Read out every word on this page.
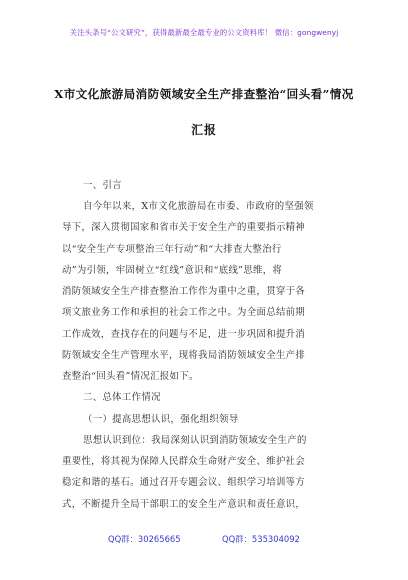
关注头条号“公文研究”，获得最新最全最专业的公文资料库！ 微信：gongwenyj
X市文化旅游局消防领域安全生产排查整治“回头看”情况
汇报
一、引言
自今年以来，X市文化旅游局在市委、市政府的坚强领
导下，深入贯彻国家和省市关于安全生产的重要指示精神
以“安全生产专项整治三年行动”和“大排查大整治行
动”为引领，牢固树立“红线”意识和“底线”思维，将
消防领域安全生产排查整治工作作为重中之重，贯穿于各
项文旅业务工作和承担的社会工作之中。为全面总结前期
工作成效，查找存在的问题与不足，进一步巩固和提升消
防领域安全生产管理水平，现将我局消防领域安全生产排
查整治“回头看”情况汇报如下。
二、总体工作情况
（一）提高思想认识，强化组织领导
思想认识到位：我局深刻认识到消防领域安全生产的
重要性，将其视为保障人民群众生命财产安全、维护社会
稳定和谐的基石。通过召开专题会议、组织学习培训等方
式，不断提升全局干部职工的安全生产意识和责任意识，
QQ群：30265665	QQ群：535304092
